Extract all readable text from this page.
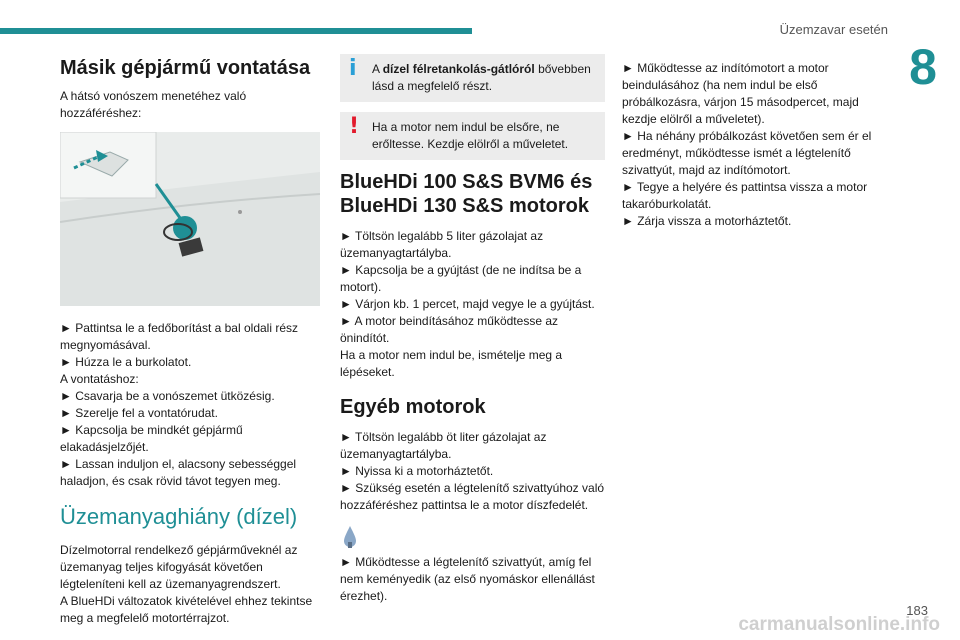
Üzemzavar esetén
8
Másik gépjármű vontatása

A hátsó vonószem menetéhez való hozzáféréshez:

► Pattintsa le a fedőborítást a bal oldali rész megnyomásával.

► Húzza le a burkolatot.

A vontatáshoz:

► Csavarja be a vonószemet ütközésig.

► Szerelje fel a vontatórudat.

► Kapcsolja be mindkét gépjármű elakadásjelzőjét.

► Lassan induljon el, alacsony sebességgel haladjon, és csak rövid távot tegyen meg.

Üzemanyaghiány (dízel)

Dízelmotorral rendelkező gépjárműveknél az üzemanyag teljes kifogyását követően légteleníteni kell az üzemanyagrendszert.

A BlueHDi változatok kivételével ehhez tekintse meg a megfelelő motortérrajzot.

i A dízel félretankolás-gátlóról bővebben lásd a megfelelő részt.
! Ha a motor nem indul be elsőre, ne erőltesse. Kezdje elölről a műveletet.
BlueHDi 100 S&S BVM6 és BlueHDi 130 S&S motorok

► Töltsön legalább 5 liter gázolajat az üzemanyagtartályba.

► Kapcsolja be a gyújtást (de ne indítsa be a motort).

► Várjon kb. 1 percet, majd vegye le a gyújtást.

► A motor beindításához működtesse az önindítót.

Ha a motor nem indul be, ismételje meg a lépéseket.

Egyéb motorok

► Töltsön legalább öt liter gázolajat az üzemanyagtartályba.

► Nyissa ki a motorháztetőt.

► Szükség esetén a légtelenítő szivattyúhoz való hozzáféréshez pattintsa le a motor díszfedelét.

► Működtesse a légtelenítő szivattyút, amíg fel nem keményedik (az első nyomáskor ellenállást érezhet).

► Működtesse az indítómotort a motor beindulásához (ha nem indul be első próbálkozásra, várjon 15 másodpercet, majd kezdje elölről a műveletet).

► Ha néhány próbálkozást követően sem ér el eredményt, működtesse ismét a légtelenítő szivattyút, majd az indítómotort.

► Tegye a helyére és pattintsa vissza a motor takaróburkolatát.

► Zárja vissza a motorháztetőt.

183
carmanualsonline.info
